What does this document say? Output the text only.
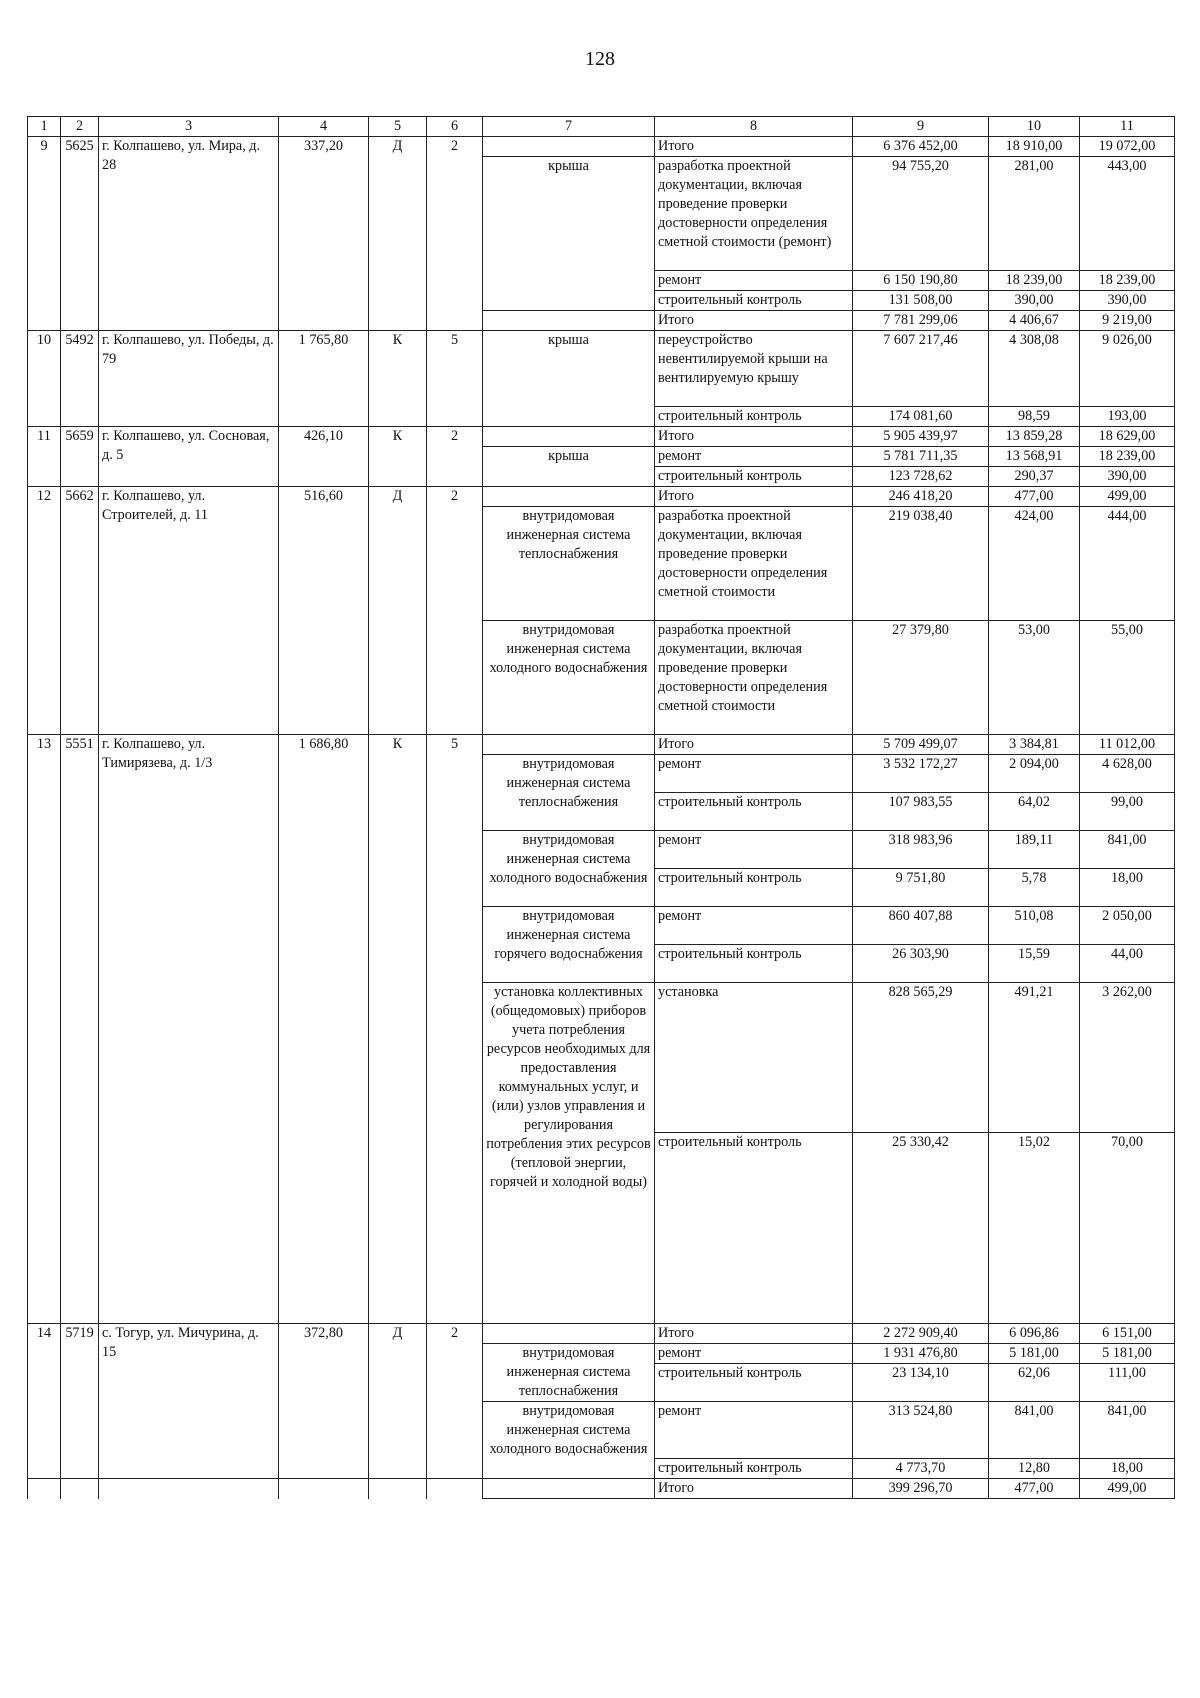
128
1	2	3	4	5	6	7	8	9	10	11
9	5625	г. Колпашево, ул. Мира, д. 28	337,20	Д	2		Итого	6 376 452,00	18 910,00	19 072,00
						крыша	разработка проектной документации, включая проведение проверки достоверности определения сметной стоимости (ремонт)	94 755,20	281,00	443,00
							ремонт	6 150 190,80	18 239,00	18 239,00
							строительный контроль	131 508,00	390,00	390,00
							Итого	7 781 299,06	4 406,67	9 219,00
10	5492	г. Колпашево, ул. Победы, д. 79	1 765,80	К	5	крыша	переустройство невентилируемой крыши на вентилируемую крышу	7 607 217,46	4 308,08	9 026,00
							строительный контроль	174 081,60	98,59	193,00
11	5659	г. Колпашево, ул. Сосновая, д. 5	426,10	К	2		Итого	5 905 439,97	13 859,28	18 629,00
						крыша	ремонт	5 781 711,35	13 568,91	18 239,00
							строительный контроль	123 728,62	290,37	390,00
12	5662	г. Колпашево, ул. Строителей, д. 11	516,60	Д	2		Итого	246 418,20	477,00	499,00
						внутридомовая инженерная система теплоснабжения	разработка проектной документации, включая проведение проверки достоверности определения сметной стоимости	219 038,40	424,00	444,00
						внутридомовая инженерная система холодного водоснабжения	разработка проектной документации, включая проведение проверки достоверности определения сметной стоимости	27 379,80	53,00	55,00
13	5551	г. Колпашево, ул. Тимирязева, д. 1/3	1 686,80	К	5		Итого	5 709 499,07	3 384,81	11 012,00
						внутридомовая инженерная система теплоснабжения	ремонт	3 532 172,27	2 094,00	4 628,00
							строительный контроль	107 983,55	64,02	99,00
						внутридомовая инженерная система холодного водоснабжения	ремонт	318 983,96	189,11	841,00
							строительный контроль	9 751,80	5,78	18,00
						внутридомовая инженерная система горячего водоснабжения	ремонт	860 407,88	510,08	2 050,00
							строительный контроль	26 303,90	15,59	44,00
						установка коллективных (общедомовых) приборов учета потребления ресурсов необходимых для предоставления коммунальных услуг, и (или) узлов управления и регулирования потребления этих ресурсов (тепловой энергии, горячей и холодной воды)	установка	828 565,29	491,21	3 262,00
							строительный контроль	25 330,42	15,02	70,00
14	5719	с. Тогур, ул. Мичурина, д. 15	372,80	Д	2		Итого	2 272 909,40	6 096,86	6 151,00
						внутридомовая инженерная система теплоснабжения	ремонт	1 931 476,80	5 181,00	5 181,00
							строительный контроль	23 134,10	62,06	111,00
						внутридомовая инженерная система холодного водоснабжения	ремонт	313 524,80	841,00	841,00
							строительный контроль	4 773,70	12,80	18,00
							Итого	399 296,70	477,00	499,00
